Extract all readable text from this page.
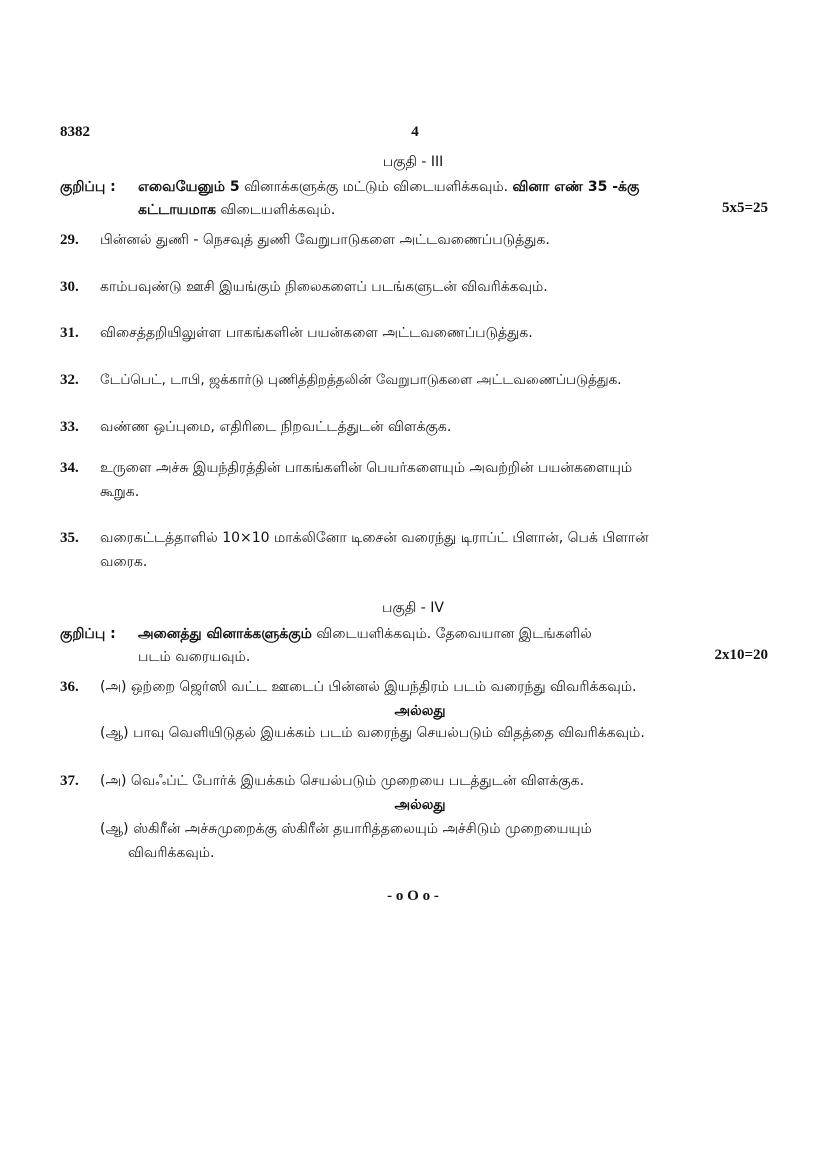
8382	4
பகுதி - III
குறிப்பு : எவையேனும் 5 வினாக்களுக்கு மட்டும் விடையளிக்கவும். வினா எண் 35 -க்கு
கட்டாயமாக விடையளிக்கவும்.	5x5=25
29.	பின்னல் துணி - நெசவுத் துணி வேறுபாடுகளை அட்டவணைப்படுத்துக.
30.	காம்பவுண்டு ஊசி இயங்கும் நிலைகளைப் படங்களுடன் விவரிக்கவும்.
31.	விசைத்தறியிலுள்ள பாகங்களின் பயன்களை அட்டவணைப்படுத்துக.
32.	டேப்பெட், டாபி, ஜக்கார்டு புணித்திறத்தலின் வேறுபாடுகளை அட்டவணைப்படுத்துக.
33.	வண்ண ஒப்புமை, எதிரிடை நிறவட்டத்துடன் விளக்குக.
34.	உருளை அச்சு இயந்திரத்தின் பாகங்களின் பெயர்களையும் அவற்றின் பயன்களையும்
கூறுக.
35.	வரைகட்டத்தாளில் 10×10 மாக்லினோ டிசைன் வரைந்து டிராப்ட் பிளான், பெக் பிளான்
வரைக.
பகுதி - IV
குறிப்பு : அனைத்து வினாக்களுக்கும் விடையளிக்கவும். தேவையான இடங்களில்
படம் வரையவும்.	2x10=20
36.	(அ) ஒற்றை ஜெர்ஸி வட்ட ஊடைப் பின்னல் இயந்திரம் படம் வரைந்து விவரிக்கவும்.
அல்லது
(ஆ) பாவு வெளியிடுதல் இயக்கம் படம் வரைந்து செயல்படும் விதத்தை விவரிக்கவும்.
37.	(அ) வெஃப்ட் போர்க் இயக்கம் செயல்படும் முறையை படத்துடன் விளக்குக.
அல்லது
(ஆ) ஸ்கிரீன் அச்சுமுறைக்கு ஸ்கிரீன் தயாரித்தலையும் அச்சிடும் முறையையும்
விவரிக்கவும்.
- o O o -
